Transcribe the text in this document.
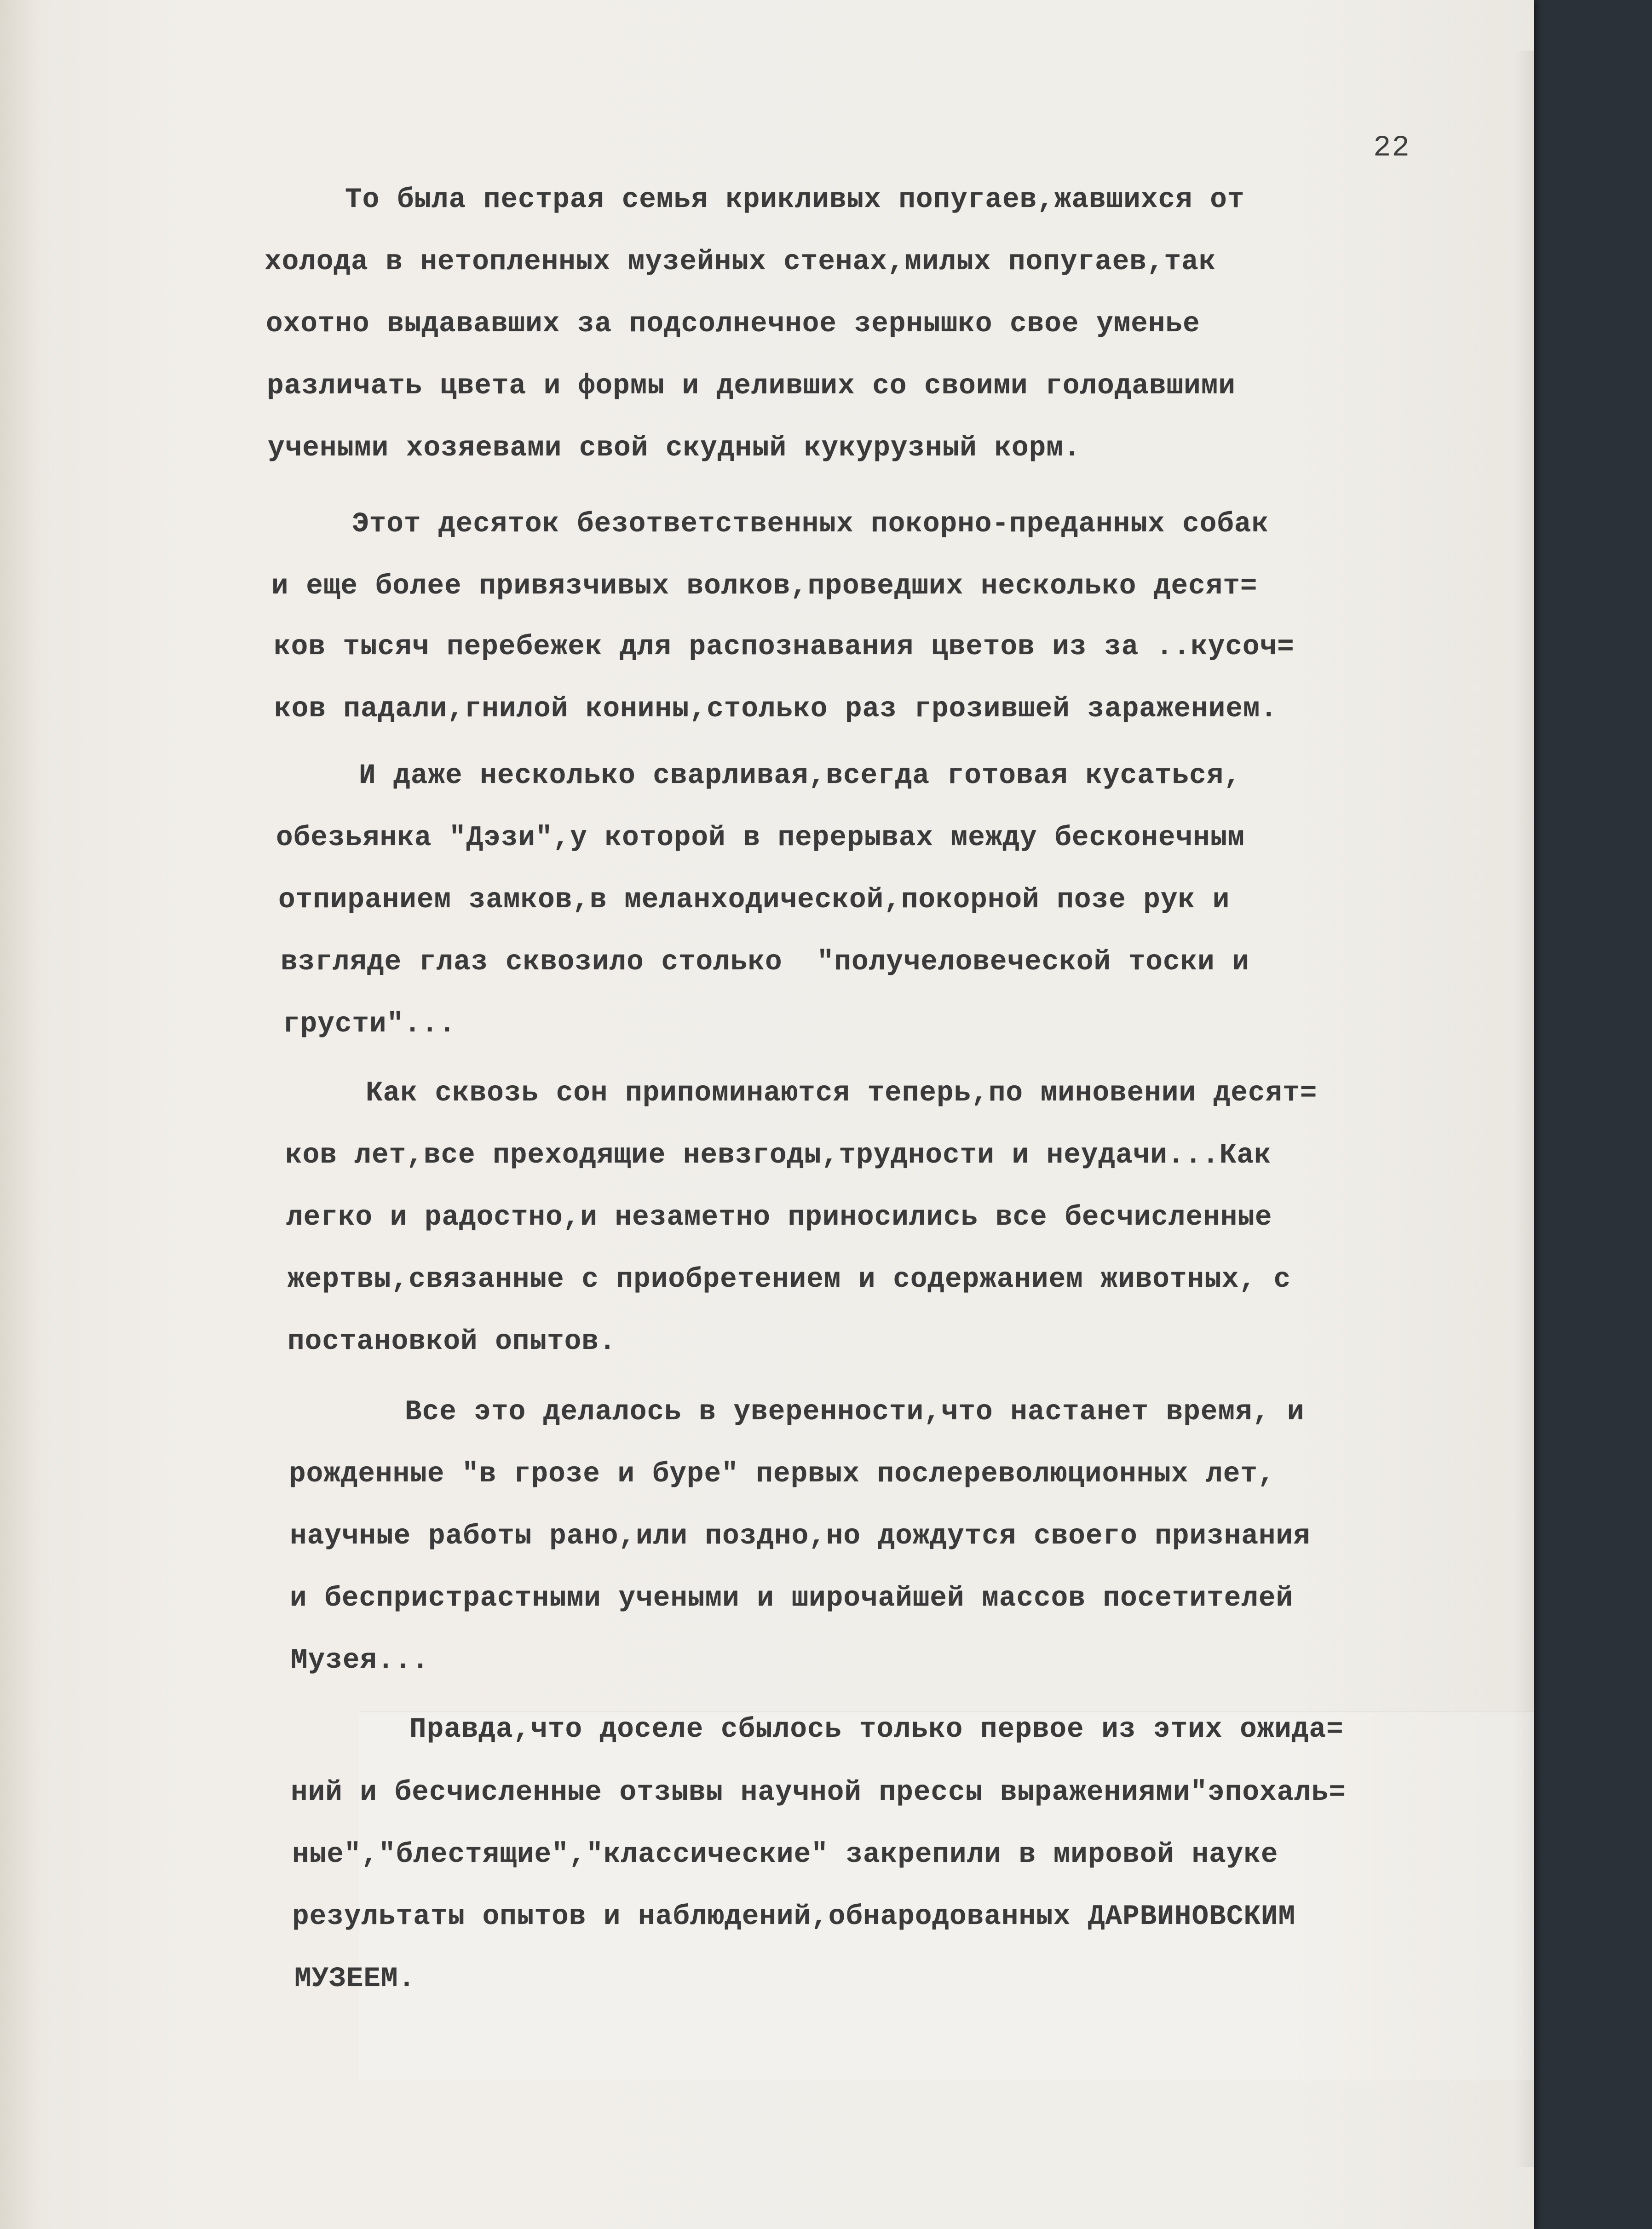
22
То была пестрая семья крикливых попугаев,жавшихся от
холода в нетопленных музейных стенах,милых попугаев,так
охотно выдававших за подсолнечное зернышко свое уменье
различать цвета и формы и деливших со своими голодавшими
учеными хозяевами свой скудный кукурузный корм.
Этот десяток безответственных покорно-преданных собак
и еще более привязчивых волков,проведших несколько десят=
ков тысяч перебежек для распознавания цветов из за ..кусоч=
ков падали,гнилой конины,столько раз грозившей заражением.
И даже несколько сварливая,всегда готовая кусаться,
обезьянка "Дэзи",у которой в перерывах между бесконечным
отпиранием замков,в меланходической,покорной позе рук и
взгляде глаз сквозило столько  "получеловеческой тоски и
грусти"...
Как сквозь сон припоминаются теперь,по миновении десят=
ков лет,все преходящие невзгоды,трудности и неудачи...Как
легко и радостно,и незаметно приносились все бесчисленные
жертвы,связанные с приобретением и содержанием животных, с
постановкой опытов.
Все это делалось в уверенности,что настанет время, и
рожденные "в грозе и буре" первых послереволюционных лет,
научные работы рано,или поздно,но дождутся своего признания
и беспристрастными учеными и широчайшей массов посетителей
Музея...
Правда,что доселе сбылось только первое из этих ожида=
ний и бесчисленные отзывы научной прессы выражениями"эпохаль=
ные","блестящие","классические" закрепили в мировой науке
результаты опытов и наблюдений,обнародованных ДАРВИНОВСКИМ
МУЗЕЕМ.
